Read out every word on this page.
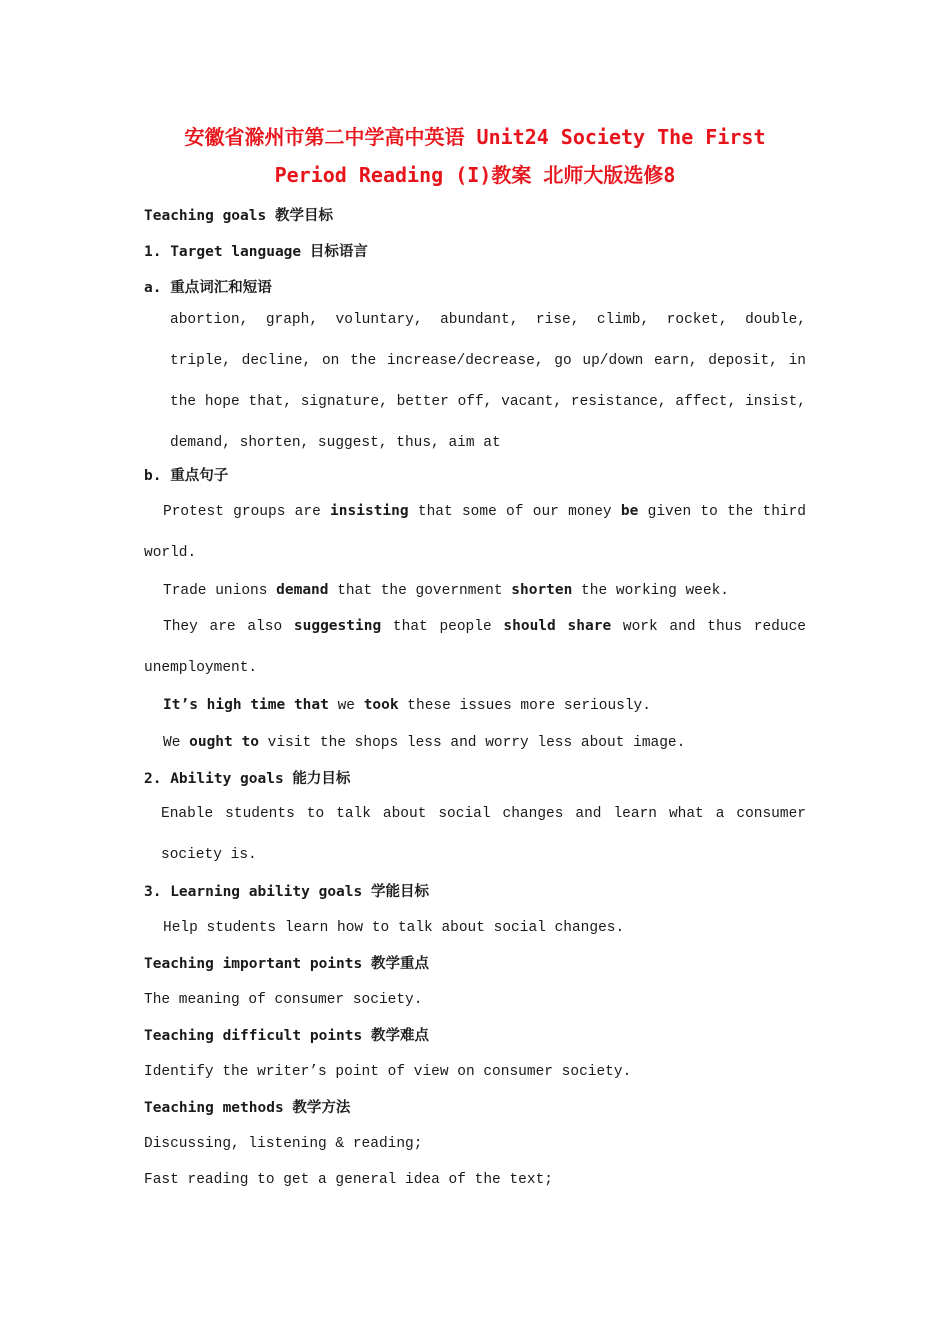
安徽省滁州市第二中学高中英语 Unit24 Society The First
Period Reading (I)教案 北师大版选修8
Teaching goals 教学目标
1. Target language 目标语言
a. 重点词汇和短语
abortion, graph, voluntary, abundant, rise, climb, rocket, double, triple, decline, on the increase/decrease, go up/down earn, deposit, in the hope that, signature, better off, vacant, resistance, affect, insist, demand, shorten, suggest, thus, aim at
b. 重点句子
Protest groups are insisting that some of our money be given to the third world.
Trade unions demand that the government shorten the working week.
They are also suggesting that people should share work and thus reduce unemployment.
It’s high time that we took these issues more seriously.
We ought to visit the shops less and worry less about image.
2. Ability goals 能力目标
Enable students to talk about social changes and learn what a consumer society is.
3. Learning ability goals 学能目标
Help students learn how to talk about social changes.
Teaching important points 教学重点
The meaning of consumer society.
Teaching difficult points 教学难点
Identify the writer’s point of view on consumer society.
Teaching methods 教学方法
Discussing, listening & reading;
Fast reading to get a general idea of the text;
